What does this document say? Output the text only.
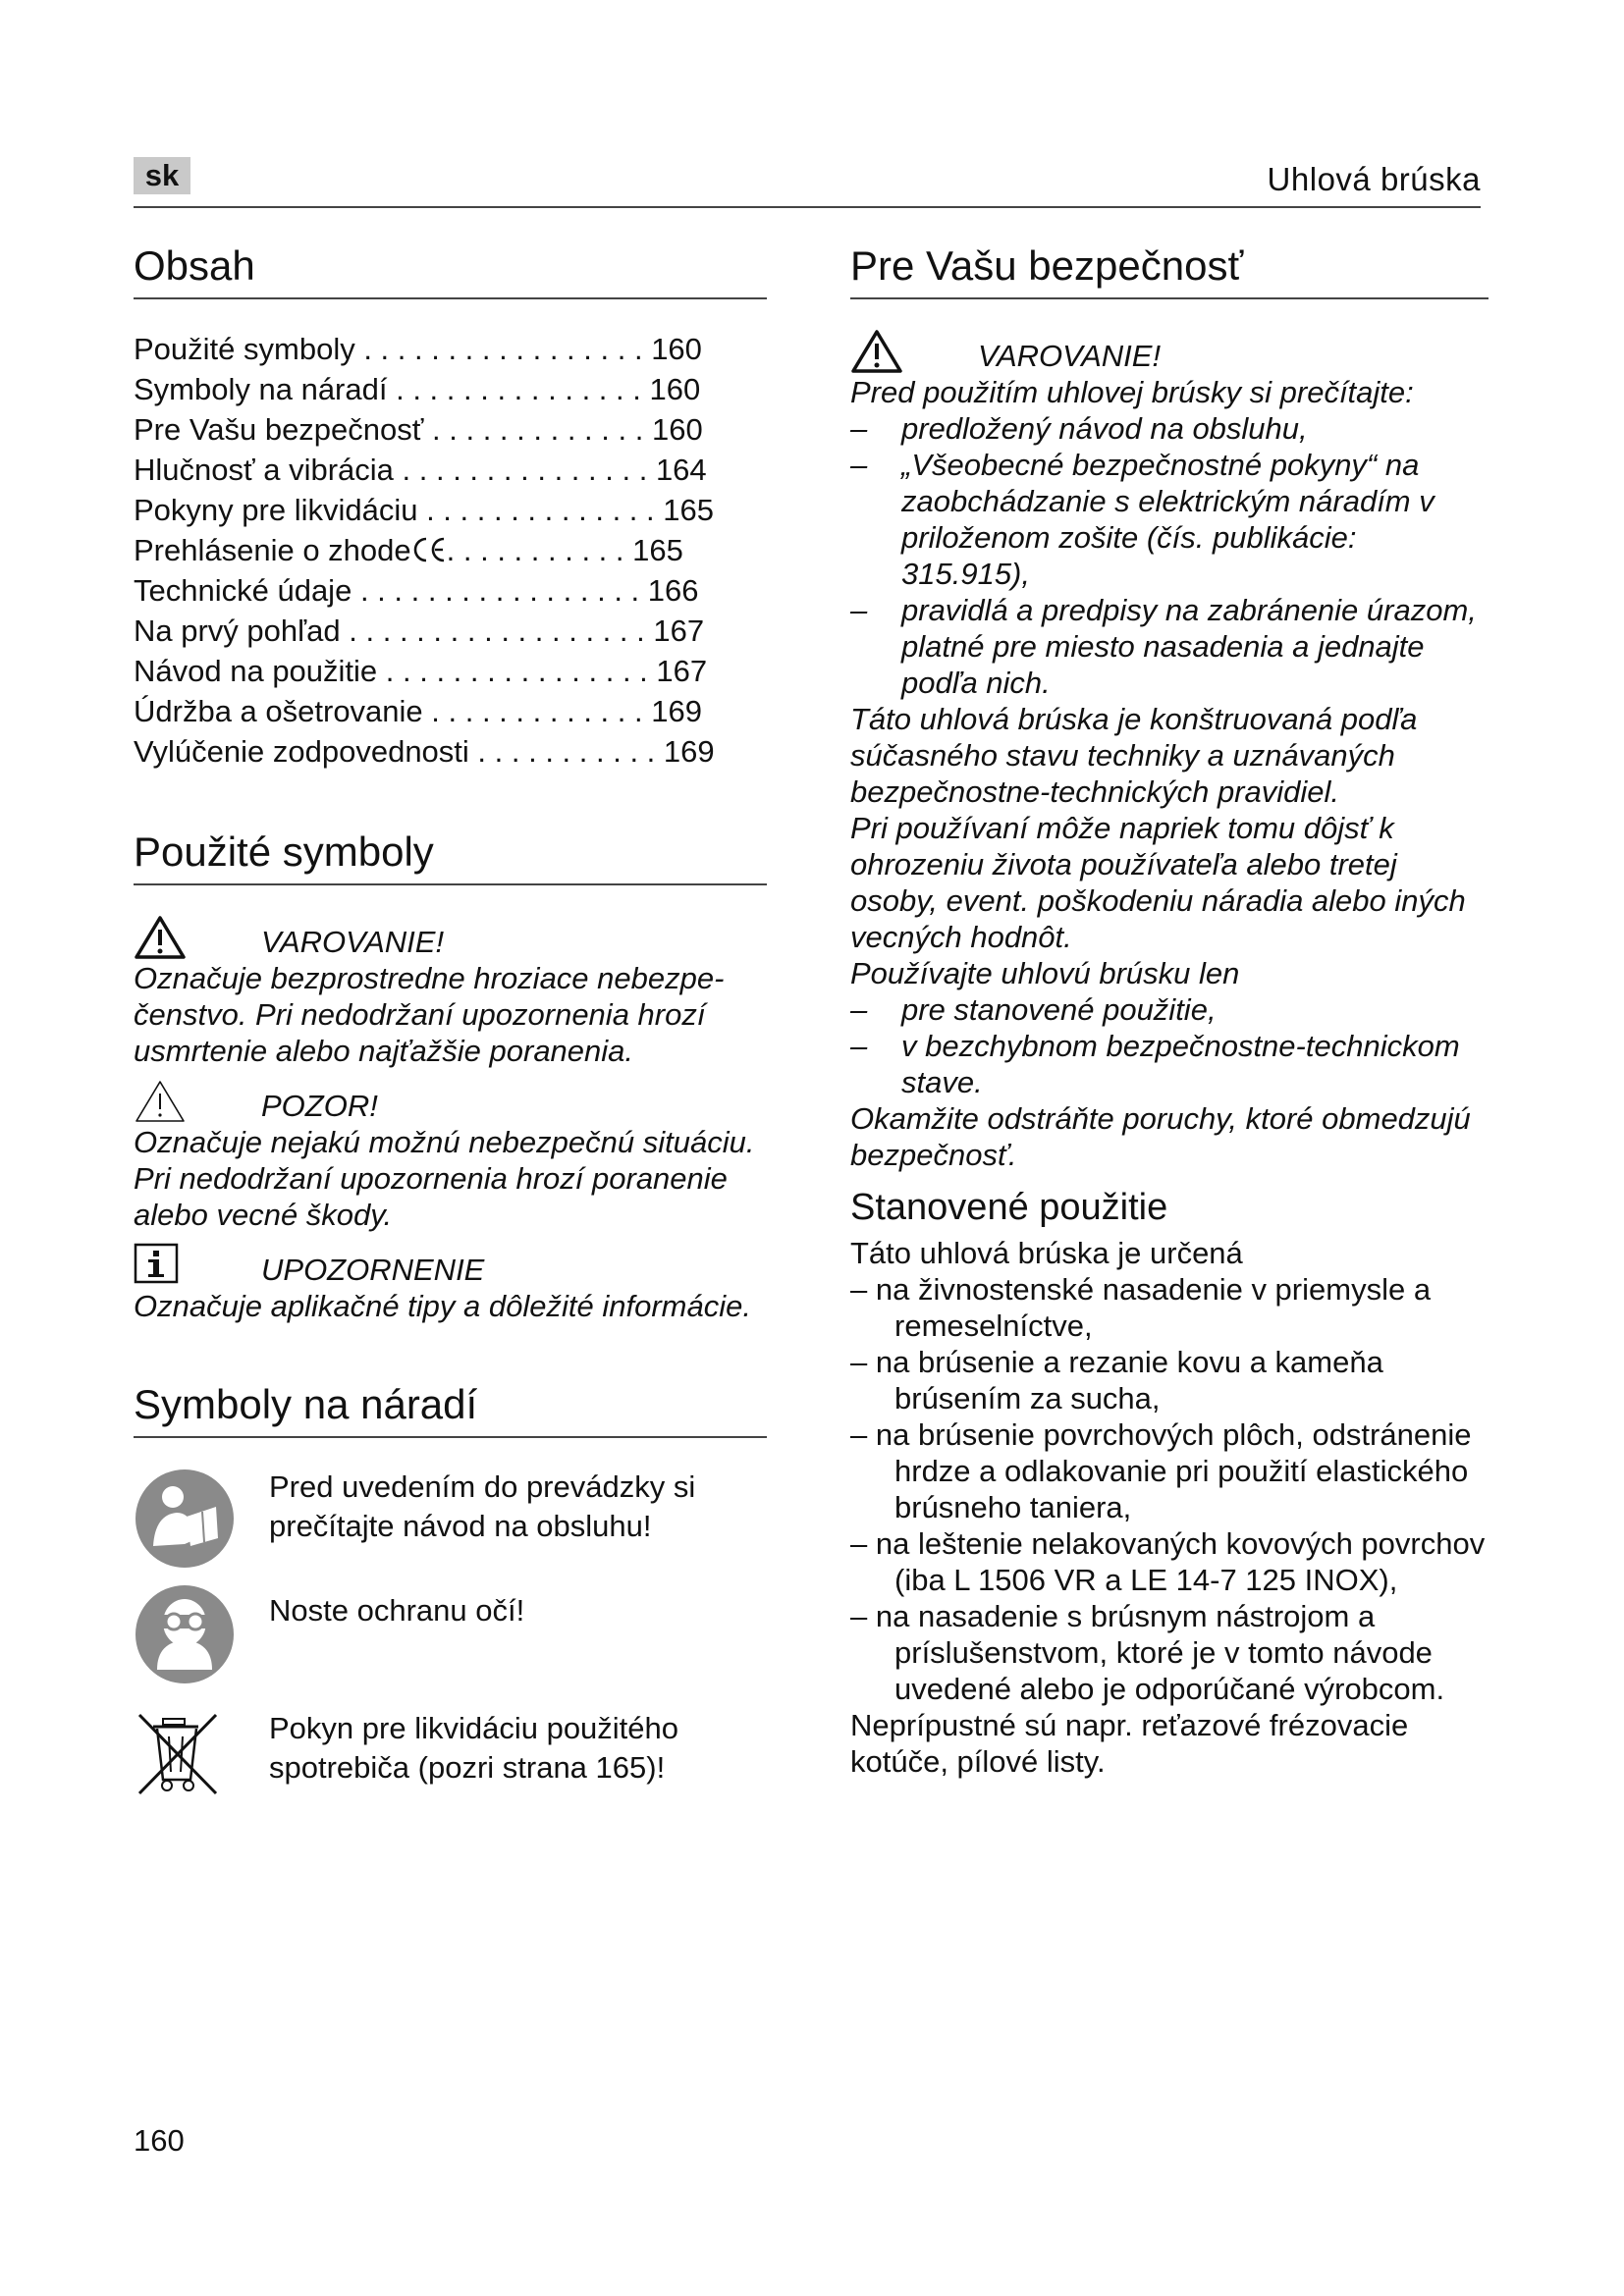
sk	Uhlová brúska
Obsah
Použité symboly . . . . . . . . . . . . . . . . . 160
Symboly na náradí . . . . . . . . . . . . . . . 160
Pre Vašu bezpečnosť . . . . . . . . . . . . . 160
Hlučnosť a vibrácia . . . . . . . . . . . . . . . 164
Pokyny pre likvidáciu . . . . . . . . . . . . . . 165
Prehlásenie o zhode . . . . . . . . . . . 165
Technické údaje . . . . . . . . . . . . . . . . . 166
Na prvý pohľad . . . . . . . . . . . . . . . . . . 167
Návod na použitie . . . . . . . . . . . . . . . . 167
Údržba a ošetrovanie . . . . . . . . . . . . . 169
Vylúčenie zodpovednosti . . . . . . . . . . . 169
Použité symboly
VAROVANIE!
Označuje bezprostredne hroziace nebezpe-čenstvo. Pri nedodržaní upozornenia hrozí usmrtenie alebo najťažšie poranenia.
POZOR!
Označuje nejakú možnú nebezpečnú situáciu. Pri nedodržaní upozornenia hrozí poranenie alebo vecné škody.
UPOZORNENIE
Označuje aplikačné tipy a dôležité informácie.
Symboly na náradí
Pred uvedením do prevádzky si prečítajte návod na obsluhu!
Noste ochranu očí!
Pokyn pre likvidáciu použitého spotrebiča (pozri strana 165)!
Pre Vašu bezpečnosť
VAROVANIE!
Pred použitím uhlovej brúsky si prečítajte:
– predložený návod na obsluhu,
– „Všeobecné bezpečnostné pokyny“ na zaobchádzanie s elektrickým náradím v priloženom zošite (čís. publikácie: 315.915),
– pravidlá a predpisy na zabránenie úrazom, platné pre miesto nasadenia a jednajte podľa nich.
Táto uhlová brúska je konštruovaná podľa súčasného stavu techniky a uznávaných bezpečnostne-technických pravidiel.
Pri používaní môže napriek tomu dôjsť k ohrozeniu života používateľa alebo tretej osoby, event. poškodeniu náradia alebo iných vecných hodnôt.
Používajte uhlovú brúsku len
– pre stanovené použitie,
– v bezchybnom bezpečnostne-technickom stave.
Okamžite odstráňte poruchy, ktoré obmedzujú bezpečnosť.
Stanovené použitie
Táto uhlová brúska je určená
– na živnostenské nasadenie v priemysle a remeselníctve,
– na brúsenie a rezanie kovu a kameňa brúsením za sucha,
– na brúsenie povrchových plôch, odstránenie hrdze a odlakovanie pri použití elastického brúsneho taniera,
– na leštenie nelakovaných kovových povrchov (iba L 1506 VR a LE 14-7 125 INOX),
– na nasadenie s brúsnym nástrojom a príslušenstvom, ktoré je v tomto návode uvedené alebo je odporúčané výrobcom.
Neprípustné sú napr. reťazové frézovacie kotúče, pílové listy.
160
